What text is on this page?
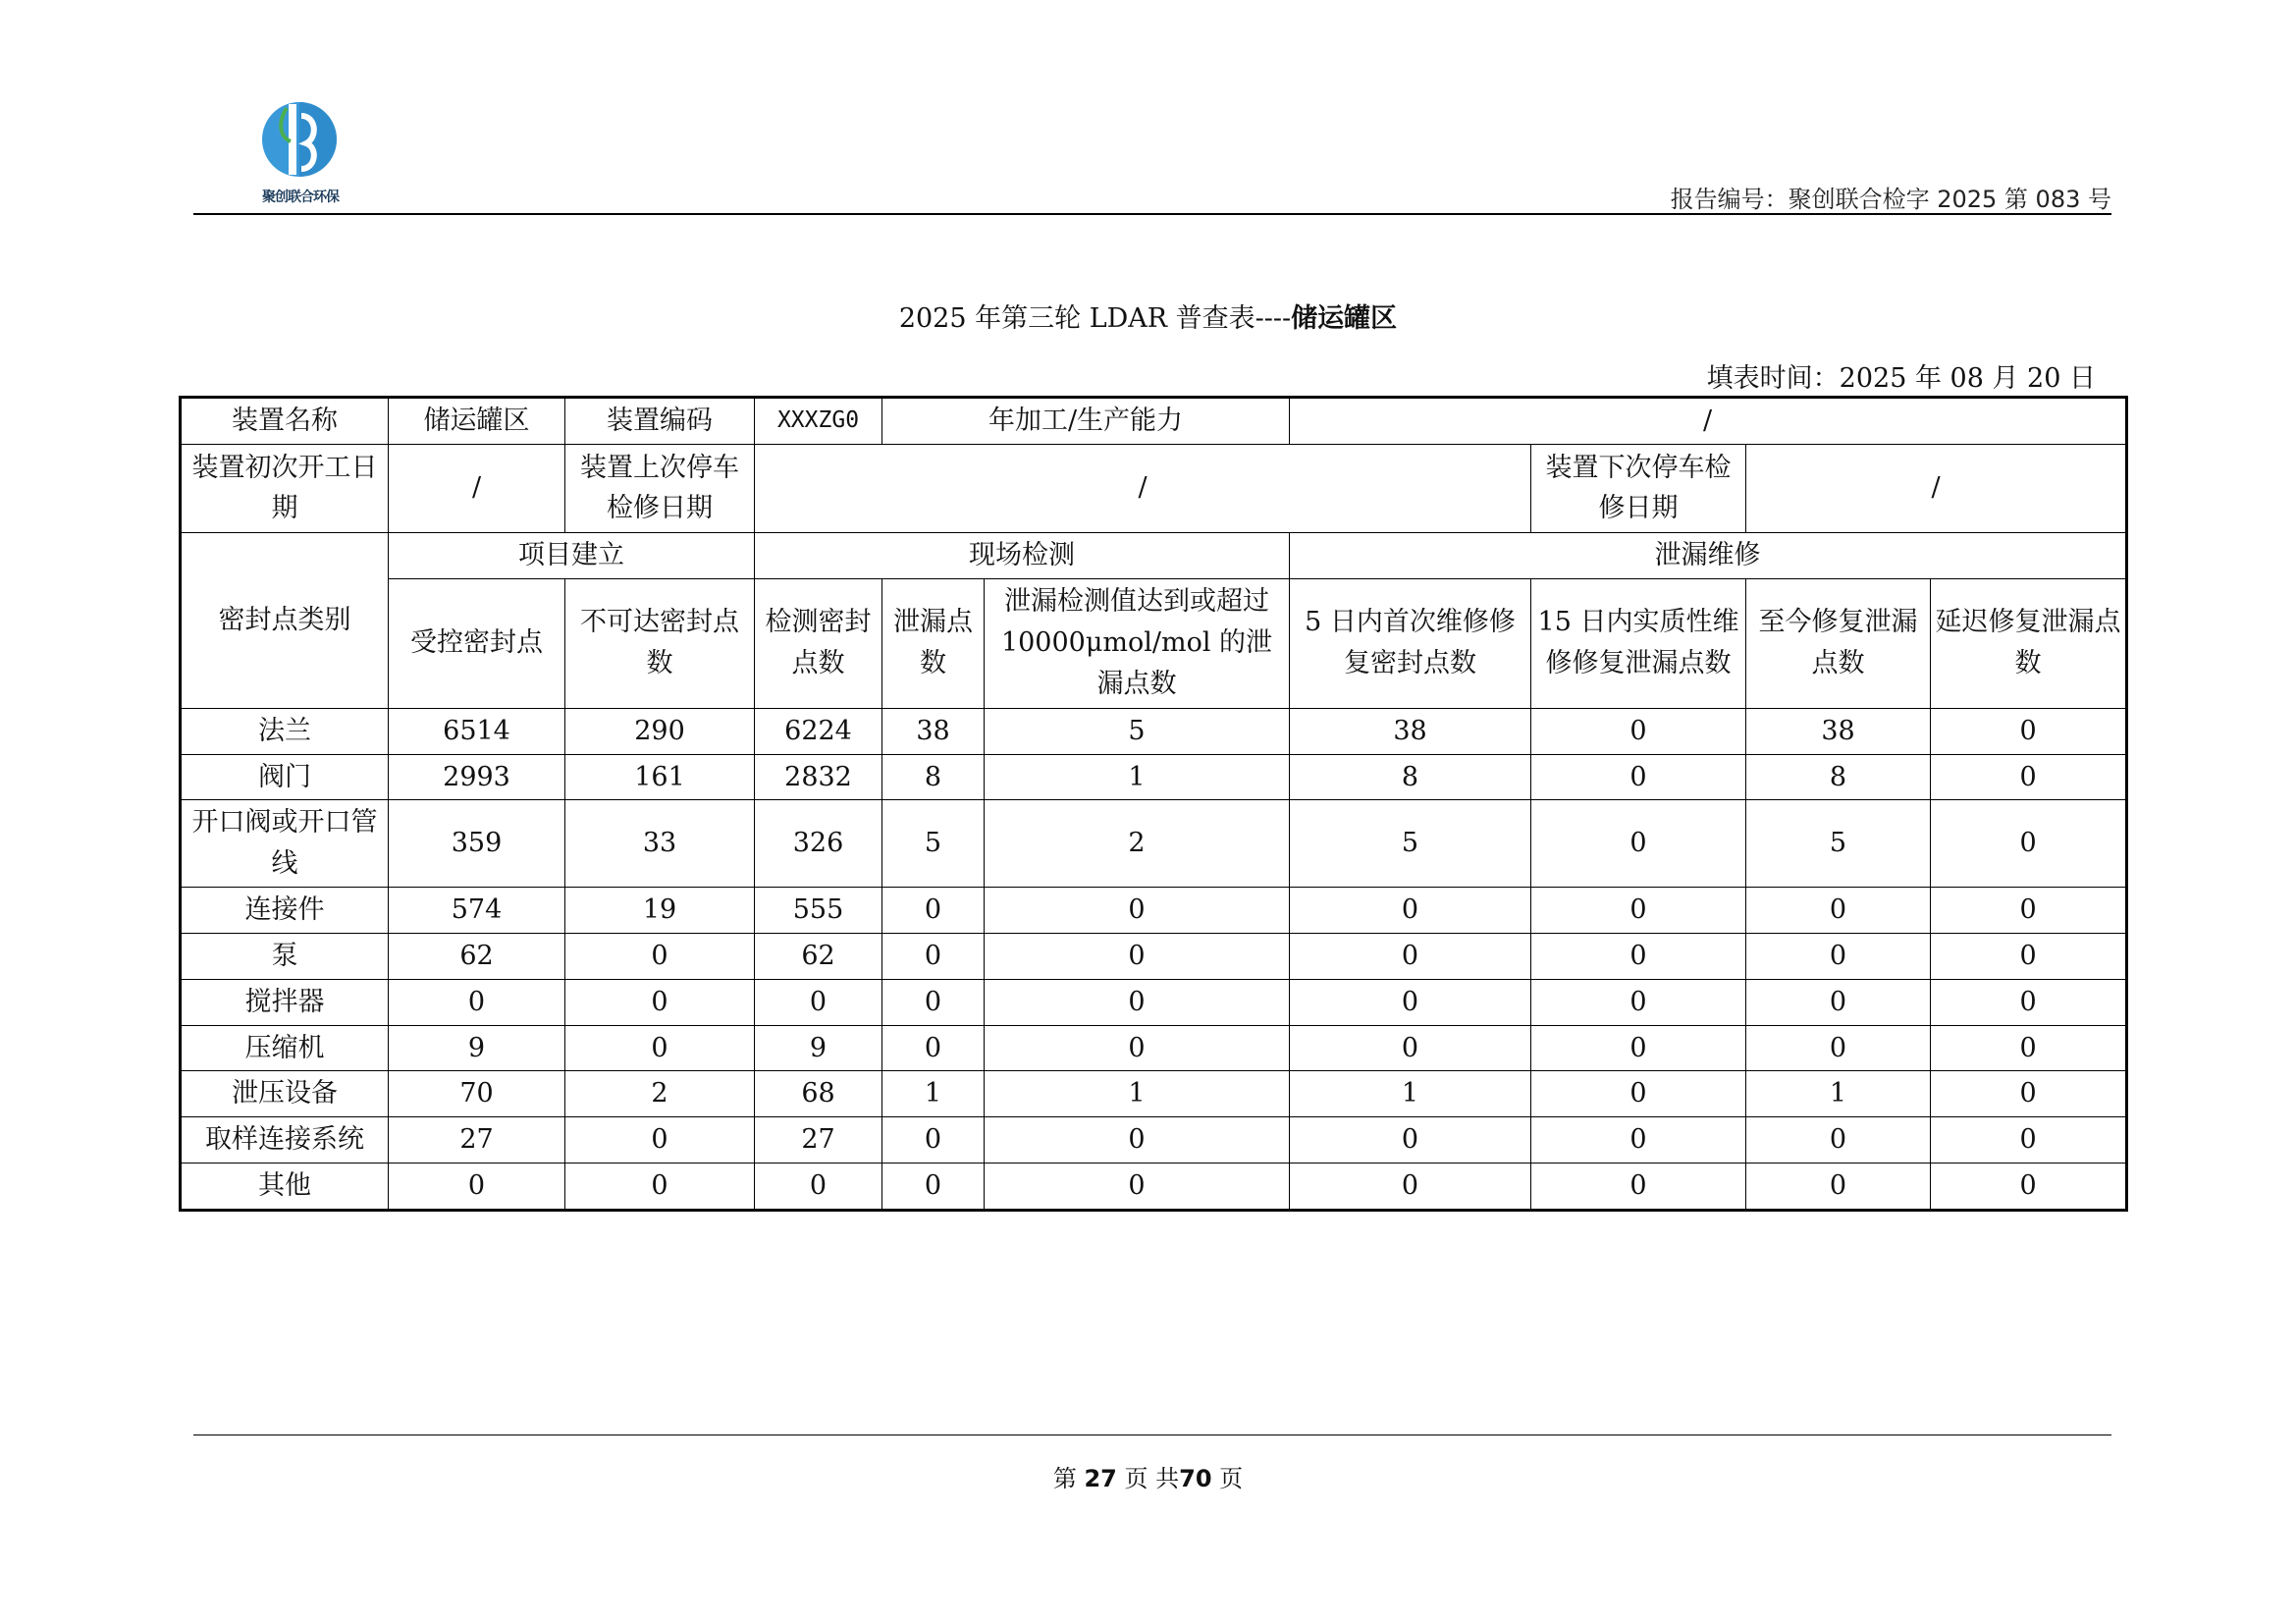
聚创联合环保	报告编号：聚创联合检字 2025 第 083 号
2025 年第三轮 LDAR 普查表----储运罐区
填表时间：2025 年 08 月 20 日
装置名称	储运罐区	装置编码	XXXZG0	年加工/生产能力		/			
装置初次开工日期	/	装置上次停车检修日期	/				装置下次停车检修日期	/	
密封点类别	项目建立		现场检测			泄漏维修			
	受控密封点	不可达密封点数	检测密封点数	泄漏点数	泄漏检测值达到或超过 10000μmol/mol 的泄漏点数	5 日内首次维修修复密封点数	15 日内实质性维修修复泄漏点数	至今修复泄漏点数	延迟修复泄漏点数
法兰	6514	290	6224	38	5	38	0	38	0
阀门	2993	161	2832	8	1	8	0	8	0
开口阀或开口管线	359	33	326	5	2	5	0	5	0
连接件	574	19	555	0	0	0	0	0	0
泵	62	0	62	0	0	0	0	0	0
搅拌器	0	0	0	0	0	0	0	0	0
压缩机	9	0	9	0	0	0	0	0	0
泄压设备	70	2	68	1	1	1	0	1	0
取样连接系统	27	0	27	0	0	0	0	0	0
其他	0	0	0	0	0	0	0	0	0
第 27 页 共70 页
